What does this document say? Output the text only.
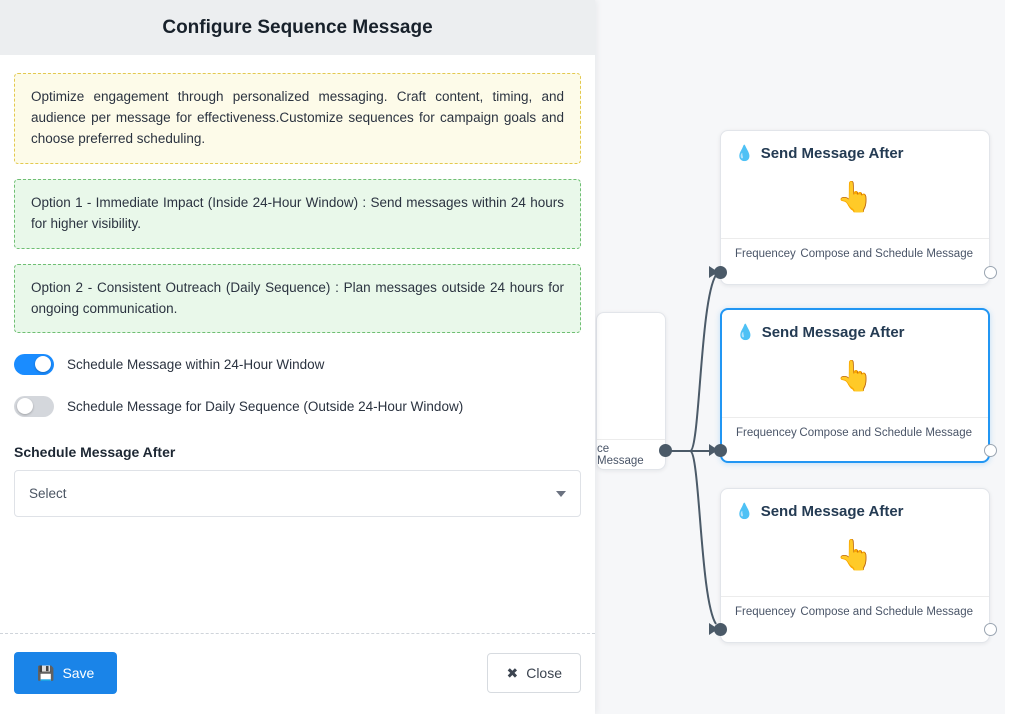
ce Message
💧 Send Message After
👆
Frequencey Compose and Schedule Message
💧 Send Message After
👆
Frequencey Compose and Schedule Message
💧 Send Message After
👆
Frequencey Compose and Schedule Message
Configure Sequence Message
Optimize engagement through personalized messaging. Craft content, timing, and audience per message for effectiveness.Customize sequences for campaign goals and choose preferred scheduling.
Option 1 - Immediate Impact (Inside 24-Hour Window) : Send messages within 24 hours for higher visibility.
Option 2 - Consistent Outreach (Daily Sequence) : Plan messages outside 24 hours for ongoing communication.
Schedule Message within 24-Hour Window
Schedule Message for Daily Sequence (Outside 24-Hour Window)
Schedule Message After
Select
💾 Save	✖ Close
